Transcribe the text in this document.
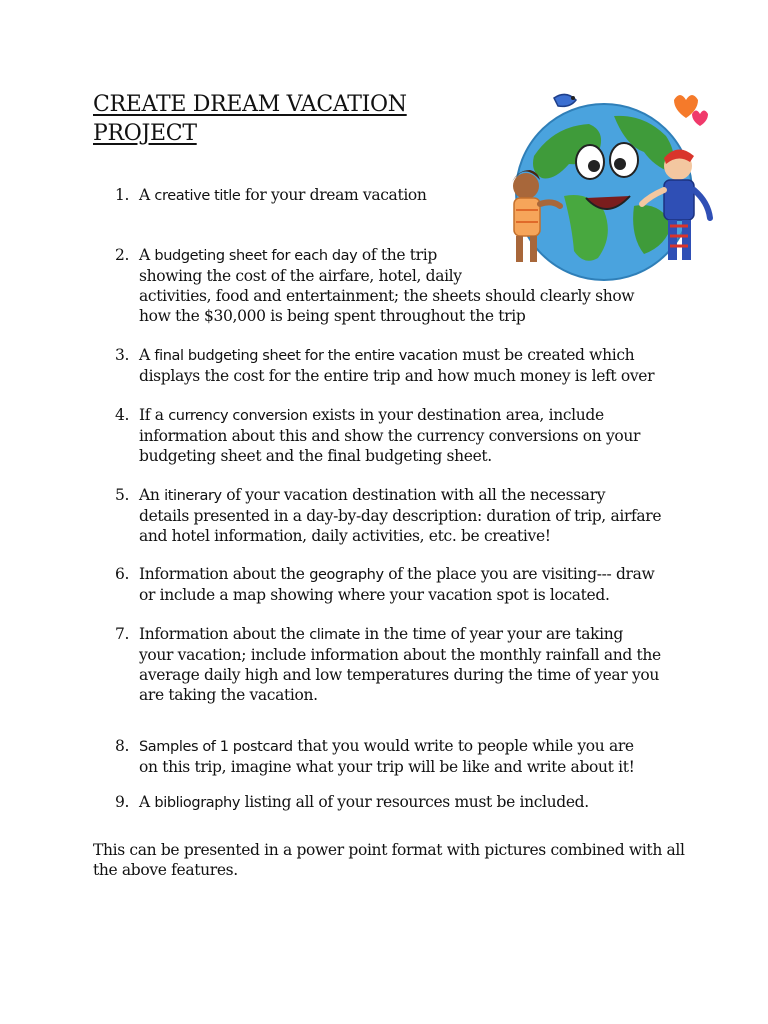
CREATE DREAM VACATION
PROJECT
1. A creative title for your dream vacation
2. A budgeting sheet for each day of the trip
showing the cost of the airfare, hotel, daily
activities, food and entertainment; the sheets should clearly show
how the $30,000 is being spent throughout the trip
3. A final budgeting sheet for the entire vacation must be created which
displays the cost for the entire trip and how much money is left over
4. If a currency conversion exists in your destination area, include
information about this and show the currency conversions on your
budgeting sheet and the final budgeting sheet.
5. An itinerary of your vacation destination with all the necessary
details presented in a day-by-day description: duration of trip, airfare
and hotel information, daily activities, etc. be creative!
6. Information about the geography of the place you are visiting--- draw
or include a map showing where your vacation spot is located.
7. Information about the climate in the time of year your are taking
your vacation; include information about the monthly rainfall and the
average daily high and low temperatures during the time of year you
are taking the vacation.
8. Samples of 1 postcard that you would write to people while you are
on this trip, imagine what your trip will be like and write about it!
9. A bibliography listing all of your resources must be included.

This can be presented in a power point format with pictures combined with all the above features.
